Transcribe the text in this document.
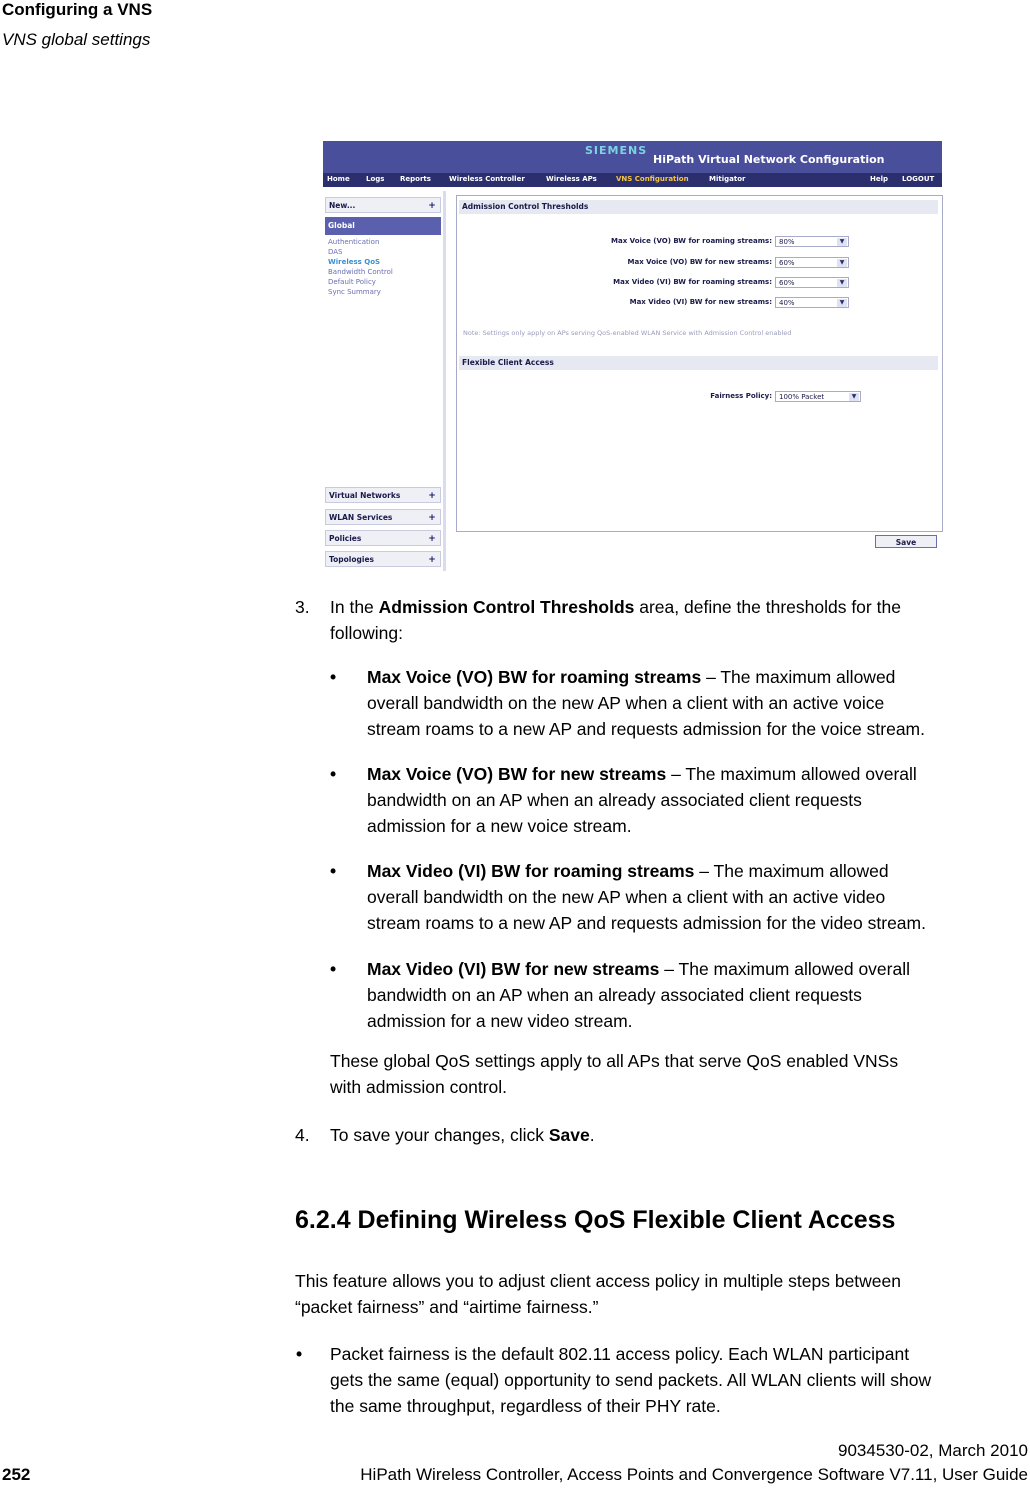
Configuring a VNS
VNS global settings
SIEMENS
HiPath Virtual Network Configuration
Home Logs Reports	Wireless Controller	Wireless APs	VNS Configuration	Mitigator	Help LOGOUT
New...	+
Global
Authentication
DAS
Wireless QoS
Bandwidth Control
Default Policy
Sync Summary
Virtual Networks	+
WLAN Services	+
Policies	+
Topologies	+
Admission Control Thresholds
Max Voice (VO) BW for roaming streams:	80%	▼
Max Voice (VO) BW for new streams:	60%	▼
Max Video (VI) BW for roaming streams:	60%	▼
Max Video (VI) BW for new streams:	40%	▼
Note: Settings only apply on APs serving QoS-enabled WLAN Service with Admission Control enabled
Flexible Client Access
Fairness Policy:	100% Packet	▼
Save
3. In the Admission Control Thresholds area, define the thresholds for the
following:
• Max Voice (VO) BW for roaming streams – The maximum allowed
overall bandwidth on the new AP when a client with an active voice
stream roams to a new AP and requests admission for the voice stream.
• Max Voice (VO) BW for new streams – The maximum allowed overall
bandwidth on an AP when an already associated client requests
admission for a new voice stream.
• Max Video (VI) BW for roaming streams – The maximum allowed
overall bandwidth on the new AP when a client with an active video
stream roams to a new AP and requests admission for the video stream.
• Max Video (VI) BW for new streams – The maximum allowed overall
bandwidth on an AP when an already associated client requests
admission for a new video stream.
These global QoS settings apply to all APs that serve QoS enabled VNSs
with admission control.
4. To save your changes, click Save.
6.2.4 Defining Wireless QoS Flexible Client Access
This feature allows you to adjust client access policy in multiple steps between
“packet fairness” and “airtime fairness.”
• Packet fairness is the default 802.11 access policy. Each WLAN participant
gets the same (equal) opportunity to send packets. All WLAN clients will show
the same throughput, regardless of their PHY rate.
9034530-02, March 2010
252	HiPath Wireless Controller, Access Points and Convergence Software V7.11, User Guide
